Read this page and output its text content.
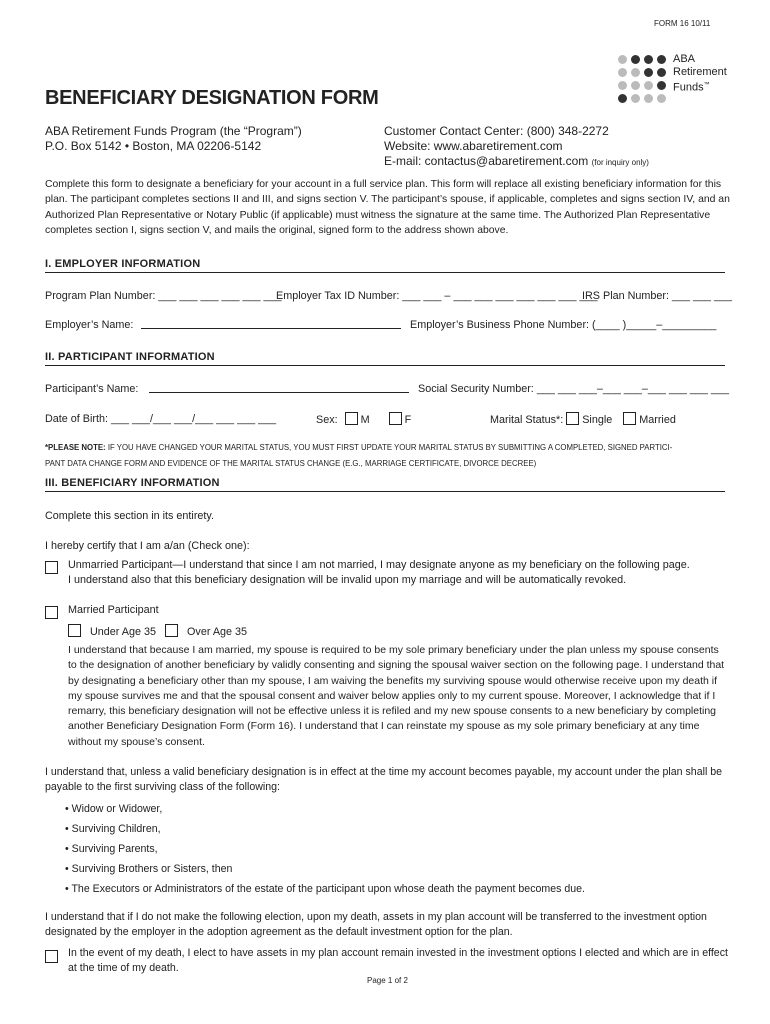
FORM 16 10/11
ABA
Retirement
Funds™
BENEFICIARY DESIGNATION FORM
ABA Retirement Funds Program (the “Program”)
P.O. Box 5142 • Boston, MA 02206-5142
Customer Contact Center: (800) 348-2272
Website: www.abaretirement.com
E-mail: contactus@abaretirement.com (for inquiry only)
Complete this form to designate a beneficiary for your account in a full service plan. This form will replace all existing beneficiary information for this plan. The participant completes sections II and III, and signs section V. The participant’s spouse, if applicable, completes and signs section IV, and an Authorized Plan Representative or Notary Public (if applicable) must witness the signature at the same time. The Authorized Plan Representative completes section I, signs section V, and mails the original, signed form to the address shown above.
I. EMPLOYER INFORMATION
Program Plan Number: ___ ___ ___ ___ ___ ___
Employer Tax ID Number: ___ ___ – ___ ___ ___ ___ ___ ___ ___
IRS Plan Number: ___ ___ ___
Employer’s Name:	Employer’s Business Phone Number: (____ )_____–_________
II. PARTICIPANT INFORMATION
Participant’s Name:	Social Security Number: ___ ___ ___–___ ___–___ ___ ___ ___
Date of Birth: ___ ___/___ ___/___ ___ ___ ___	Sex: M	F	Marital Status*: Single	Married
*PLEASE NOTE: IF YOU HAVE CHANGED YOUR MARITAL STATUS, YOU MUST FIRST UPDATE YOUR MARITAL STATUS BY SUBMITTING A COMPLETED, SIGNED PARTICI-
PANT DATA CHANGE FORM AND EVIDENCE OF THE MARITAL STATUS CHANGE (E.G., MARRIAGE CERTIFICATE, DIVORCE DECREE)
III. BENEFICIARY INFORMATION
Complete this section in its entirety.
I hereby certify that I am a/an (Check one):
Unmarried Participant—I understand that since I am not married, I may designate anyone as my beneficiary on the following page.
I understand also that this beneficiary designation will be invalid upon my marriage and will be automatically revoked.
Married Participant
Under Age 35	Over Age 35
I understand that because I am married, my spouse is required to be my sole primary beneficiary under the plan unless my spouse consents to the designation of another beneficiary by validly consenting and signing the spousal waiver section on the following page. I understand that by designating a beneficiary other than my spouse, I am waiving the benefits my surviving spouse would otherwise receive upon my death if my spouse survives me and that the spousal consent and waiver below applies only to my current spouse. Moreover, I acknowledge that if I remarry, this beneficiary designation will not be effective unless it is refiled and my new spouse consents to a new beneficiary by completing another Beneficiary Designation Form (Form 16). I understand that I can reinstate my spouse as my sole primary beneficiary at any time without my spouse’s consent.
I understand that, unless a valid beneficiary designation is in effect at the time my account becomes payable, my account under the plan shall be payable to the first surviving class of the following:
• Widow or Widower,
• Surviving Children,
• Surviving Parents,
• Surviving Brothers or Sisters, then
• The Executors or Administrators of the estate of the participant upon whose death the payment becomes due.
I understand that if I do not make the following election, upon my death, assets in my plan account will be transferred to the investment option designated by the employer in the adoption agreement as the default investment option for the plan.
In the event of my death, I elect to have assets in my plan account remain invested in the investment options I elected and which are in effect at the time of my death.
Page 1 of 2
